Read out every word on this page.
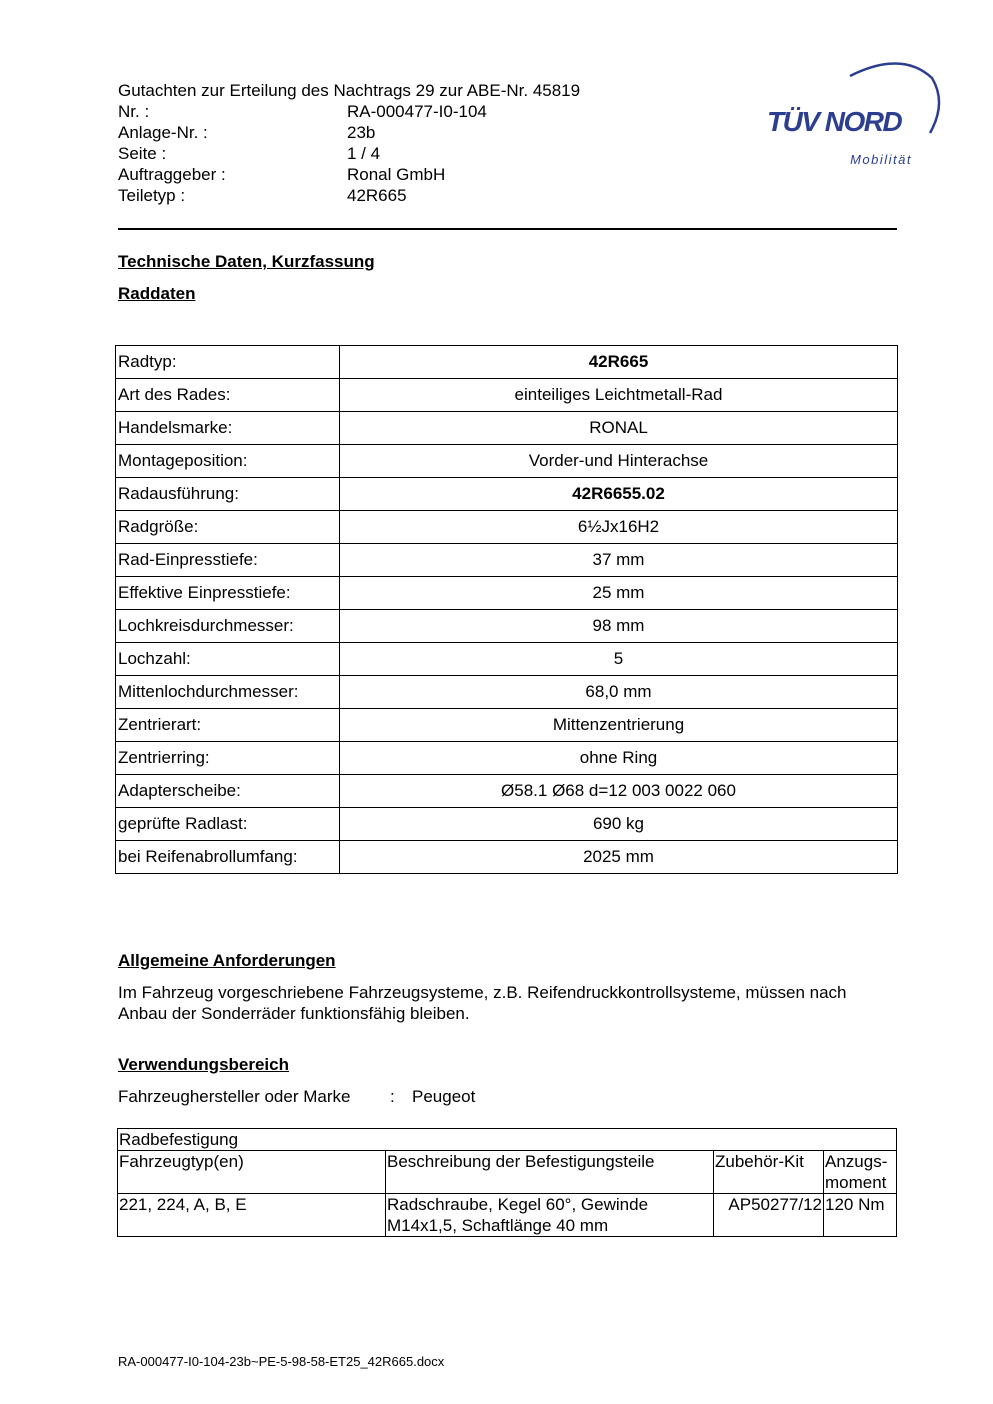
Gutachten zur Erteilung des Nachtrags 29 zur ABE-Nr. 45819
Nr. :	RA-000477-I0-104
Anlage-Nr. :	23b
Seite :	1 / 4
Auftraggeber :	Ronal GmbH
Teiletyp :	42R665
TÜV NORD
Mobilität
Technische Daten, Kurzfassung
Raddaten
Radtyp:	42R665
Art des Rades:	einteiliges Leichtmetall-Rad
Handelsmarke:	RONAL
Montageposition:	Vorder-und Hinterachse
Radausführung:	42R6655.02
Radgröße:	6½Jx16H2
Rad-Einpresstiefe:	37 mm
Effektive Einpresstiefe:	25 mm
Lochkreisdurchmesser:	98 mm
Lochzahl:	5
Mittenlochdurchmesser:	68,0 mm
Zentrierart:	Mittenzentrierung
Zentrierring:	ohne Ring
Adapterscheibe:	Ø58.1 Ø68 d=12 003 0022 060
geprüfte Radlast:	690 kg
bei Reifenabrollumfang:	2025 mm
Allgemeine Anforderungen
Im Fahrzeug vorgeschriebene Fahrzeugsysteme, z.B. Reifendruckkontrollsysteme, müssen nach Anbau der Sonderräder funktionsfähig bleiben.
Verwendungsbereich
Fahrzeughersteller oder Marke	:	Peugeot
Radbefestigung			
Fahrzeugtyp(en)	Beschreibung der Befestigungsteile	Zubehör-Kit	Anzugs-moment
221, 224, A, B, E	Radschraube, Kegel 60°, Gewinde M14x1,5, Schaftlänge 40 mm	AP50277/12	120 Nm
RA-000477-I0-104-23b~PE-5-98-58-ET25_42R665.docx
